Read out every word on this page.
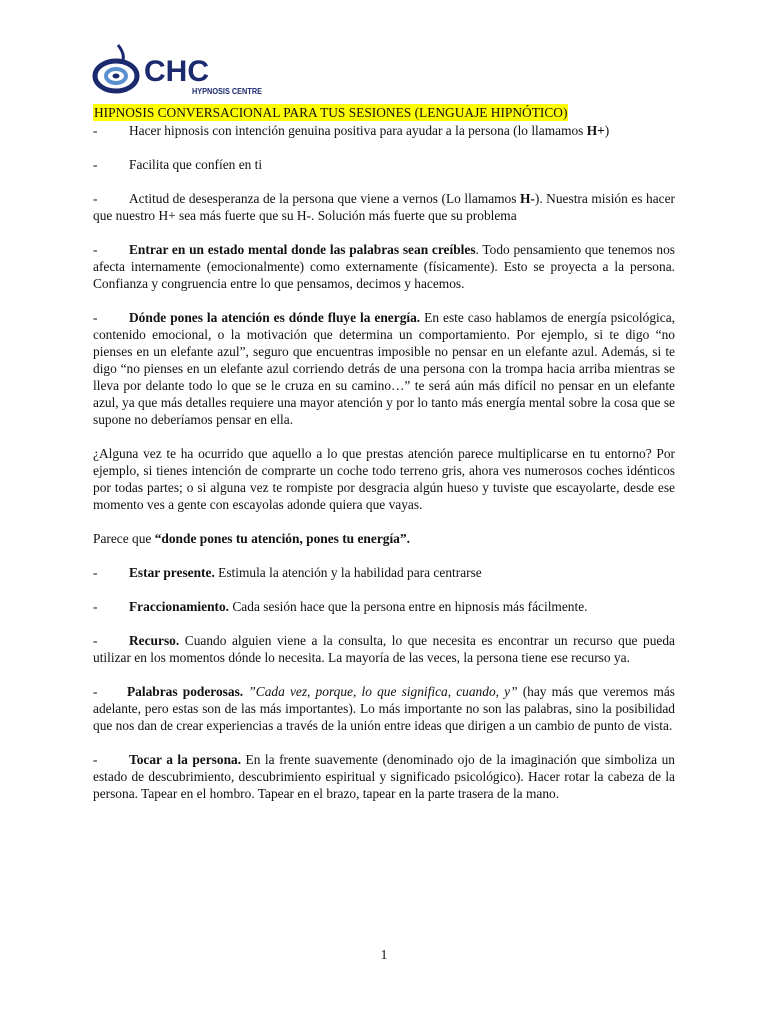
CHC
HYPNOSIS CENTRE
HIPNOSIS CONVERSACIONAL PARA TUS SESIONES (LENGUAJE HIPNÓTICO)

- Hacer hipnosis con intención genuina positiva para ayudar a la persona (lo llamamos H+)

- Facilita que confíen en ti

- Actitud de desesperanza de la persona que viene a vernos (Lo llamamos H-). Nuestra misión es hacer que nuestro H+ sea más fuerte que su H-. Solución más fuerte que su problema

- Entrar en un estado mental donde las palabras sean creíbles. Todo pensamiento que tenemos nos afecta internamente (emocionalmente) como externamente (físicamente). Esto se proyecta a la persona. Confianza y congruencia entre lo que pensamos, decimos y hacemos.

- Dónde pones la atención es dónde fluye la energía. En este caso hablamos de energía psicológica, contenido emocional, o la motivación que determina un comportamiento. Por ejemplo, si te digo “no pienses en un elefante azul”, seguro que encuentras imposible no pensar en un elefante azul. Además, si te digo “no pienses en un elefante azul corriendo detrás de una persona con la trompa hacia arriba mientras se lleva por delante todo lo que se le cruza en su camino…” te será aún más difícil no pensar en un elefante azul, ya que más detalles requiere una mayor atención y por lo tanto más energía mental sobre la cosa que se supone no deberíamos pensar en ella.

¿Alguna vez te ha ocurrido que aquello a lo que prestas atención parece multiplicarse en tu entorno? Por ejemplo, si tienes intención de comprarte un coche todo terreno gris, ahora ves numerosos coches idénticos por todas partes; o si alguna vez te rompiste por desgracia algún hueso y tuviste que escayolarte, desde ese momento ves a gente con escayolas adonde quiera que vayas.

Parece que “donde pones tu atención, pones tu energía”.

- Estar presente. Estimula la atención y la habilidad para centrarse

- Fraccionamiento. Cada sesión hace que la persona entre en hipnosis más fácilmente.

- Recurso. Cuando alguien viene a la consulta, lo que necesita es encontrar un recurso que pueda utilizar en los momentos dónde lo necesita. La mayoría de las veces, la persona tiene ese recurso ya.

- Palabras poderosas. ”Cada vez, porque, lo que significa, cuando, y” (hay más que veremos más adelante, pero estas son de las más importantes). Lo más importante no son las palabras, sino la posibilidad que nos dan de crear experiencias a través de la unión entre ideas que dirigen a un cambio de punto de vista.

- Tocar a la persona. En la frente suavemente (denominado ojo de la imaginación que simboliza un estado de descubrimiento, descubrimiento espiritual y significado psicológico). Hacer rotar la cabeza de la persona. Tapear en el hombro. Tapear en el brazo, tapear en la parte trasera de la mano.

1
